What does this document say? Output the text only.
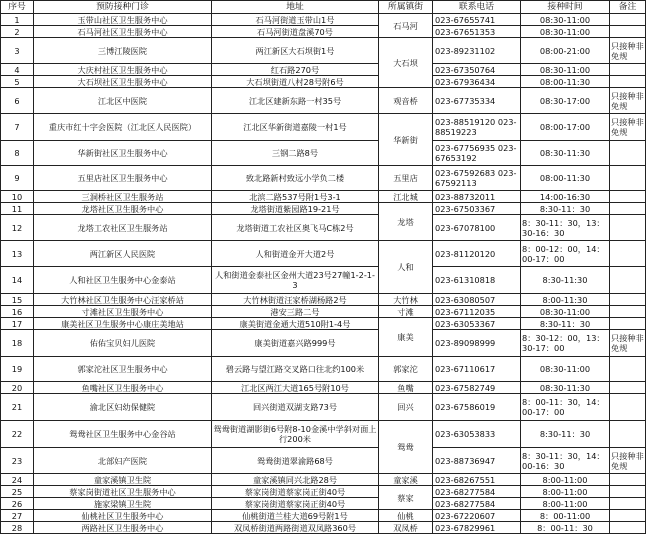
序号	预防接种门诊	地址	所属镇街	联系电话	接种时间	备注
1	玉带山社区卫生服务中心	石马河街道玉带山1号	石马河	023-67655741	08:30-11:00	
2	石马河社区卫生服务中心	石马河街道盘溪70号		023-67651353	08:30-11:00	
3	三博江陵医院	两江新区大石坝街1号	大石坝	023-89231102	08:00-21:00	只接种非免规
4	大庆村社区卫生服务中心	红石路270号		023-67350764	08:30-11:00	
5	大石坝社区卫生服务中心	大石坝街道八村28号附6号		023-67936434	08:00-11:30	
6	江北区中医院	江北区建新东路一村35号	观音桥	023-67735334	08:30-17:00	只接种非免规
7	重庆市红十字会医院（江北区人民医院）	江北区华新街道嘉陵一村1号	华新街	023-88519120 023-88519223	08:00-17:00	只接种非免规
8	华新街社区卫生服务中心	三钢二路8号		023-67756935 023-67653192	08:30-11:30	
9	五里店社区卫生服务中心	致北路新村致远小学负二楼	五里店	023-67592683 023-67592113	08:00-11:30	
10	三洞桥社区卫生服务站	北滨二路537号附1号3-1	江北城	023-88732011	14:00-16:30	
11	龙塔社区卫生服务中心	龙塔街道紫园路19-21号	龙塔	023-67503367	8:30-11：30	
12	龙塔工农社区卫生服务站	龙塔街道工农社区奥飞马C栋2号		023-67078100	8：30-11：30，13：30-16：30	
13	两江新区人民医院	人和街道金开大道2号	人和	023-81120120	8：00-12：00，14：00-17：00	
14	人和社区卫生服务中心金泰站	人和街道金泰社区金州大道23号27幢1-2-1-3		023-61310818	8:30-11:30	
15	大竹林社区卫生服务中心汪家桥站	大竹林街道汪家桥湖杨路2号	大竹林	023-63080507	8:00-11:30	
16	寸滩社区卫生服务中心	港安三路二号	寸滩	023-67112035	08:30-11:00	
17	康美社区卫生服务中心康庄美地站	康美街道金通大道510附1-4号	康美	023-63053367	8:30-11：30	
18	佑佑宝贝妇儿医院	康美街道嘉兴路999号		023-89098999	8：30-12：00，13：30-17：00	只接种非免规
19	郭家沱社区卫生服务中心	碧云路与望江路交叉路口往北约100米	郭家沱	023-67110617	08:30-11:00	
20	鱼嘴社区卫生服务中心	江北区两江大道165号附10号	鱼嘴	023-67582749	08:30-11:30	
21	渝北区妇幼保健院	回兴街道双湖支路73号	回兴	023-67586019	8：00-11：30，14：00-17：00	
22	鸳鸯社区卫生服务中心金谷站	鸳鸯街道湖影街6号附8-10金溪中学斜对面上行200米	鸳鸯	023-63053833	8:30-11：30	
23	北部妇产医院	鸳鸯街道翠渝路68号		023-88736947	8：30-11：30，14：00-16：30	只接种非免规
24	童家溪镇卫生院	童家溪镇同兴北路28号	童家溪	023-68267551	8:00-11:00	
25	蔡家岗街道社区卫生服务中心	蔡家岗街道蔡家岗正街40号	蔡家	023-68277584	8:00-11:00	
26	施家梁镇卫生院	蔡家岗街道蔡家岗正街40号		023-68277584	8:00-11:00	
27	仙桃社区卫生服务中心	仙桃街道兰桂大道69号附1号	仙桃	023-67220607	8：00-11:00	
28	两路社区卫生服务中心	双凤桥街道两路街道双凤路360号	双凤桥	023-67829961	8：00-11：30	
